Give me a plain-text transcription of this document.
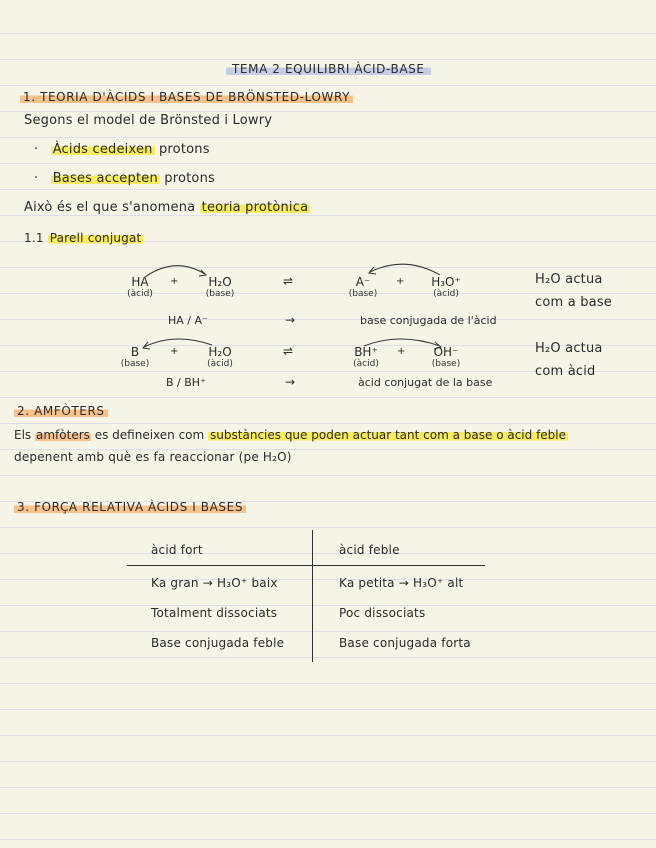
TEMA 2 EQUILIBRI ÀCID-BASE
1. TEORIA D'ÀCIDS I BASES DE BRÖNSTED-LOWRY
Segons el model de Brönsted i Lowry
· Àcids cedeixen protons
· Bases accepten protons
Això és el que s'anomena teoria protònica
1.1 Parell conjugat
HA
(àcid)
+	H₂O
(base)
⇌	A⁻
(base)
+	H₃O⁺
(àcid)
H₂O actua
com a base
HA / A⁻	→	base conjugada de l'àcid
B
(base)
+	H₂O
(àcid)
⇌	BH⁺
(àcid)
+	OH⁻
(base)
H₂O actua
com àcid
B / BH⁺	→	àcid conjugat de la base
2. AMFÒTERS
Els amfòters es defineixen com substàncies que poden actuar tant com a base o àcid feble
depenent amb què es fa reaccionar (pe H₂O)
3. FORÇA RELATIVA ÀCIDS I BASES
àcid fort	àcid feble
Ka gran → H₃O⁺ baix	Ka petita → H₃O⁺ alt
Totalment dissociats	Poc dissociats
Base conjugada feble	Base conjugada forta
